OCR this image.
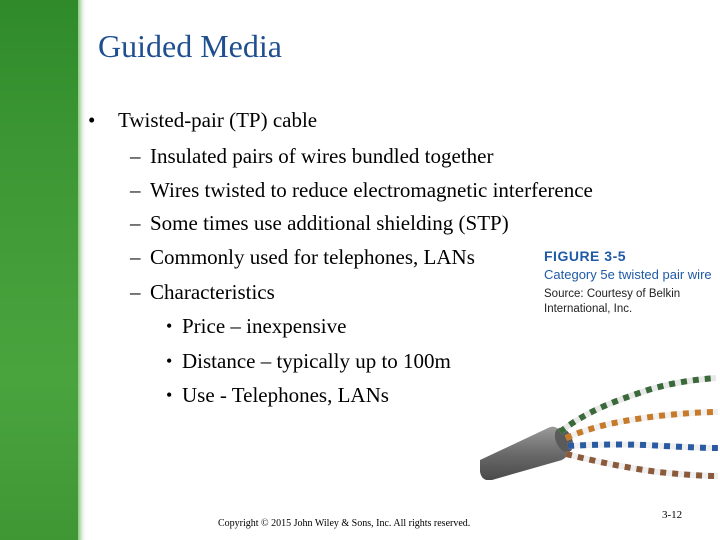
Guided Media
• Twisted-pair (TP) cable
– Insulated pairs of wires bundled together
– Wires twisted to reduce electromagnetic interference
– Some times use additional shielding (STP)
– Commonly used for telephones, LANs
– Characteristics
• Price – inexpensive
• Distance – typically up to 100m
• Use - Telephones, LANs
FIGURE 3-5
Category 5e twisted pair wire
Source: Courtesy of Belkin International, Inc.
Copyright © 2015 John Wiley & Sons, Inc. All rights reserved.
3-12
